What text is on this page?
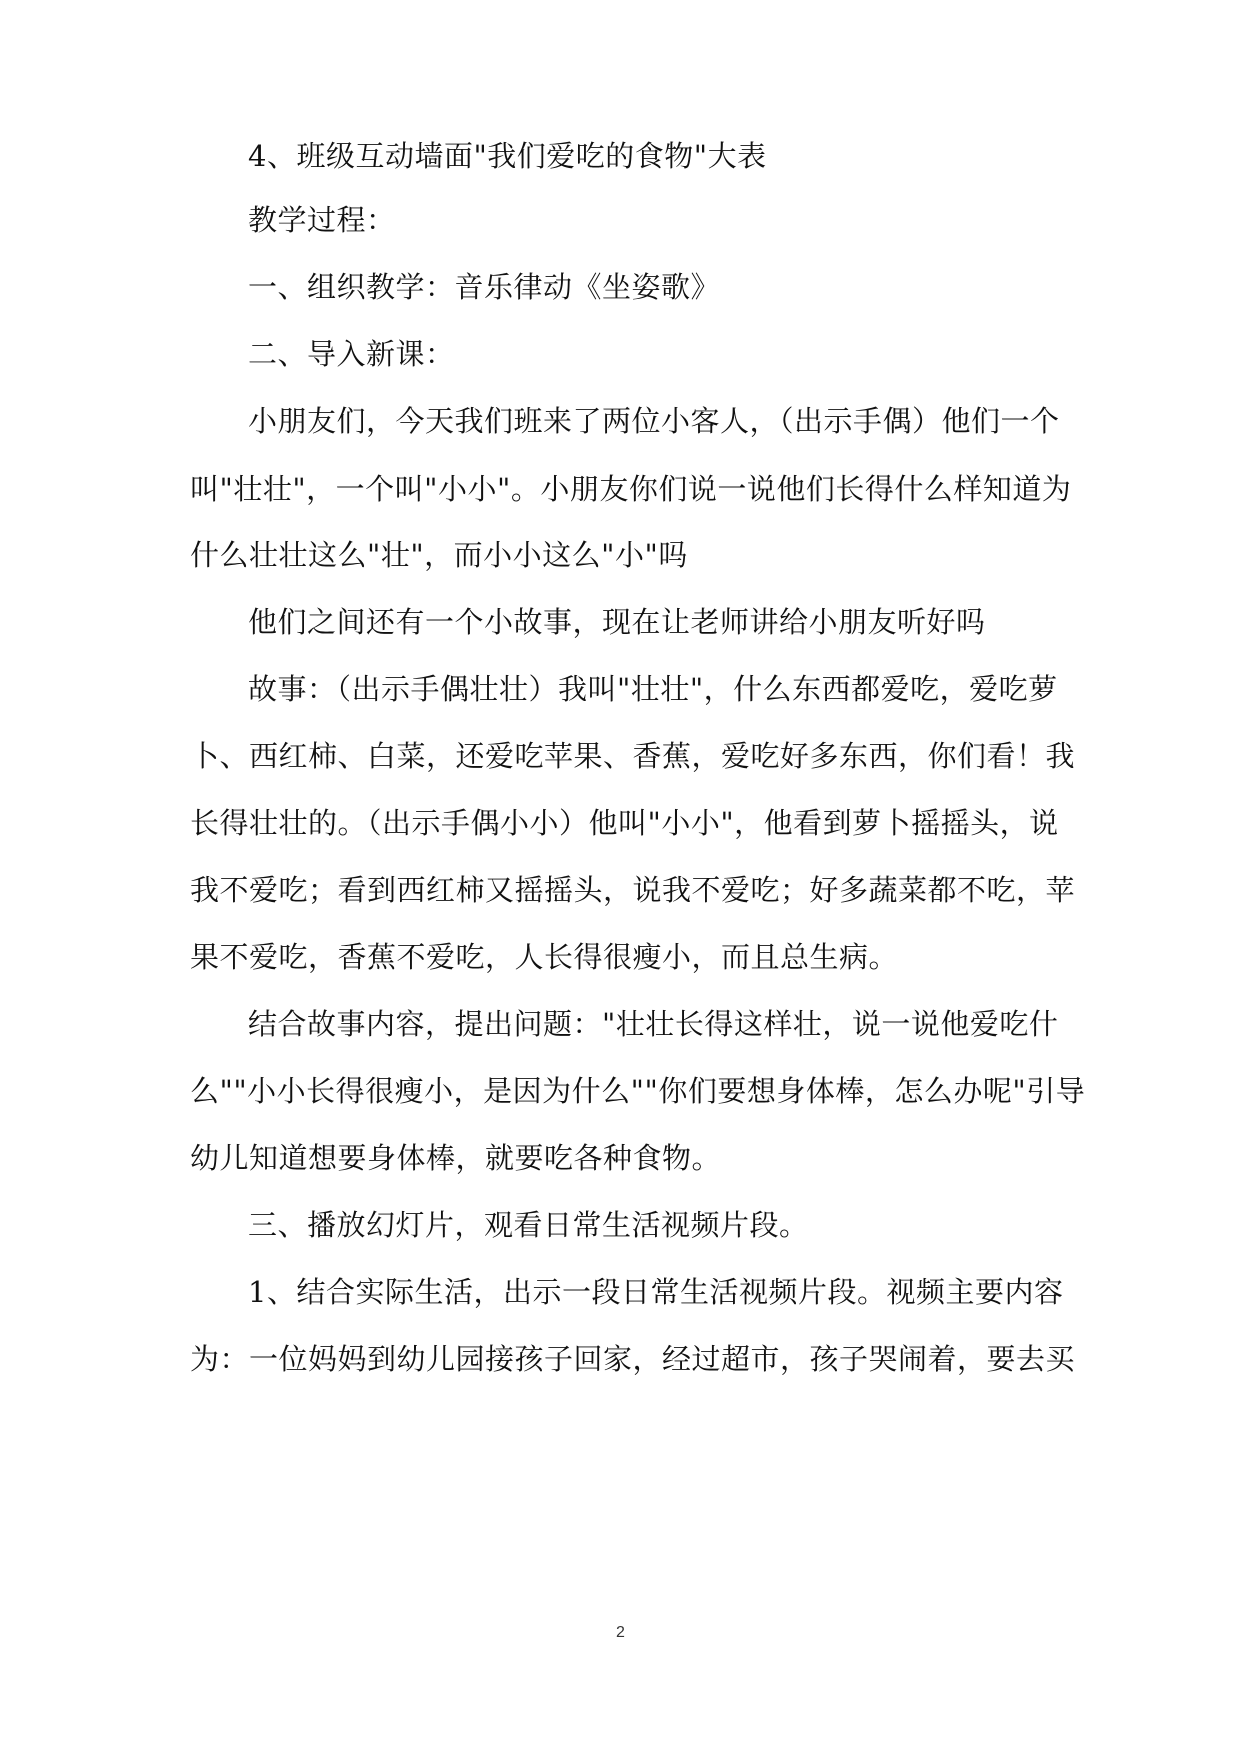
4、班级互动墙面"我们爱吃的食物"大表
教学过程：
一、组织教学：音乐律动《坐姿歌》
二、导入新课：
小朋友们，今天我们班来了两位小客人，（出示手偶）他们一个
叫"壮壮"，一个叫"小小"。小朋友你们说一说他们长得什么样知道为
什么壮壮这么"壮"，而小小这么"小"吗
他们之间还有一个小故事，现在让老师讲给小朋友听好吗
故事：（出示手偶壮壮）我叫"壮壮"，什么东西都爱吃，爱吃萝
卜、西红柿、白菜，还爱吃苹果、香蕉，爱吃好多东西，你们看！我
长得壮壮的。（出示手偶小小）他叫"小小"，他看到萝卜摇摇头，说
我不爱吃；看到西红柿又摇摇头，说我不爱吃；好多蔬菜都不吃，苹
果不爱吃，香蕉不爱吃，人长得很瘦小，而且总生病。
结合故事内容，提出问题："壮壮长得这样壮，说一说他爱吃什
么""小小长得很瘦小，是因为什么""你们要想身体棒，怎么办呢"引导
幼儿知道想要身体棒，就要吃各种食物。
三、播放幻灯片，观看日常生活视频片段。
1、结合实际生活，出示一段日常生活视频片段。视频主要内容
为：一位妈妈到幼儿园接孩子回家，经过超市，孩子哭闹着，要去买
2
